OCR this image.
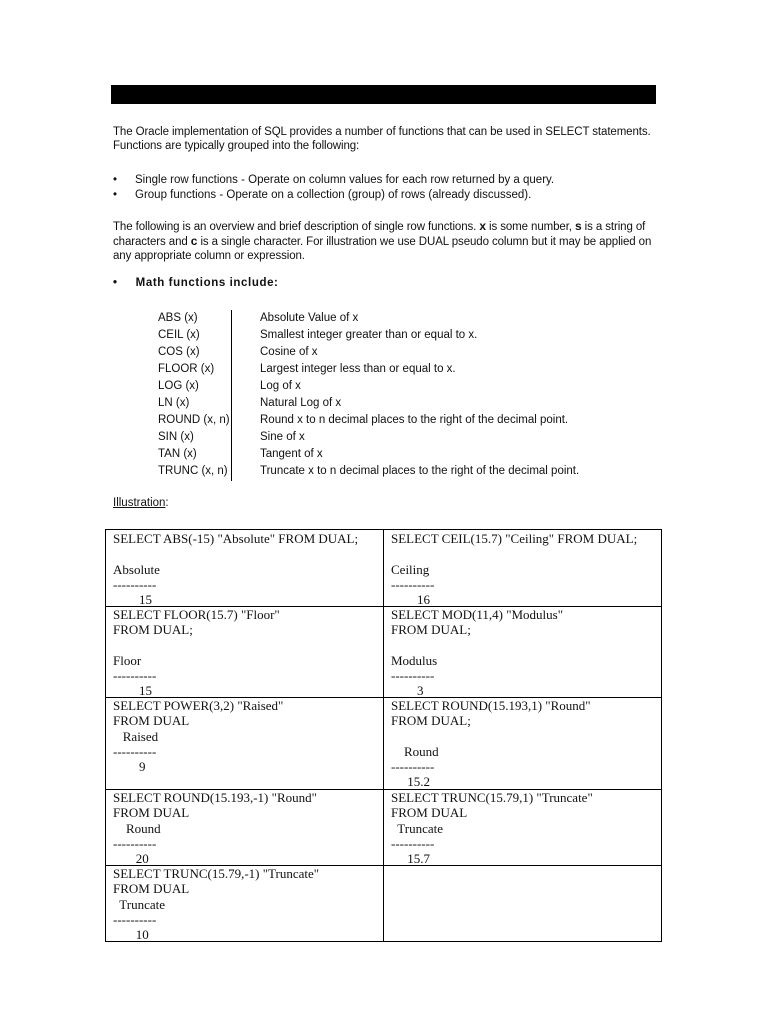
The Oracle implementation of SQL provides a number of functions that can be used in SELECT statements.
Functions are typically grouped into the following:
• Single row functions - Operate on column values for each row returned by a query.
• Group functions - Operate on a collection (group) of rows (already discussed).
The following is an overview and brief description of single row functions. x is some number, s is a string of
characters and c is a single character. For illustration we use DUAL pseudo column but it may be applied on
any appropriate column or expression.
• Math functions include:
ABS (x)	Absolute Value of x
CEIL (x)	Smallest integer greater than or equal to x.
COS (x)	Cosine of x
FLOOR (x)	Largest integer less than or equal to x.
LOG (x)	Log of x
LN (x)	Natural Log of x
ROUND (x, n)	Round x to n decimal places to the right of the decimal point.
SIN (x)	Sine of x
TAN (x)	Tangent of x
TRUNC (x, n)	Truncate x to n decimal places to the right of the decimal point.
Illustration:
SELECT ABS(-15) "Absolute" FROM DUAL;

Absolute
----------
15
SELECT CEIL(15.7) "Ceiling" FROM DUAL;

Ceiling
----------
16
SELECT FLOOR(15.7) "Floor"
FROM DUAL;

Floor
----------
15
SELECT MOD(11,4) "Modulus"
FROM DUAL;

Modulus
----------
3
SELECT POWER(3,2) "Raised"
FROM DUAL
Raised
----------
9
SELECT ROUND(15.193,1) "Round"
FROM DUAL;

Round
----------
15.2
SELECT ROUND(15.193,-1) "Round"
FROM DUAL
Round
----------
20
SELECT TRUNC(15.79,1) "Truncate"
FROM DUAL
Truncate
----------
15.7
SELECT TRUNC(15.79,-1) "Truncate"
FROM DUAL
Truncate
----------
10
